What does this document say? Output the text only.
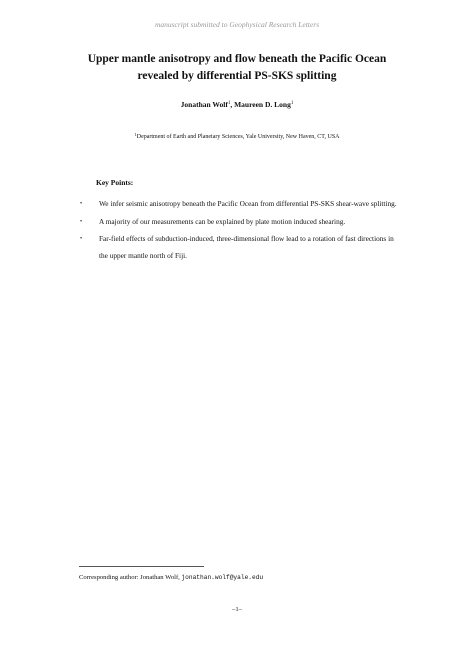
manuscript submitted to Geophysical Research Letters
Upper mantle anisotropy and flow beneath the Pacific Ocean
revealed by differential PS-SKS splitting
Jonathan Wolf$^1$, Maureen D. Long$^1$
$^1$Department of Earth and Planetary Sciences, Yale University, New Haven, CT, USA
Key Points:
• We infer seismic anisotropy beneath the Pacific Ocean from differential PS-SKS shear-wave splitting.
• A majority of our measurements can be explained by plate motion induced shearing.
• Far-field effects of subduction-induced, three-dimensional flow lead to a rotation of fast directions in the upper mantle north of Fiji.
Corresponding author: Jonathan Wolf, jonathan.wolf@yale.edu
–1–
